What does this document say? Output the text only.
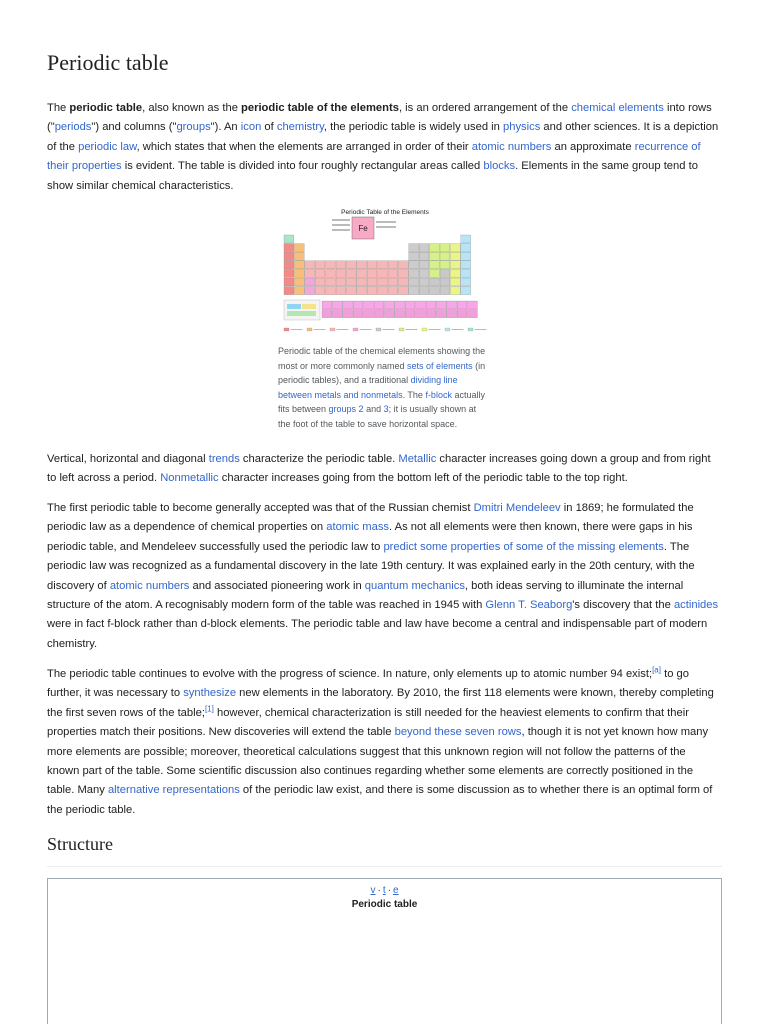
Periodic table

The periodic table, also known as the periodic table of the elements, is an ordered arrangement of the chemical elements into rows ("periods") and columns ("groups"). An icon of chemistry, the periodic table is widely used in physics and other sciences. It is a depiction of the periodic law, which states that when the elements are arranged in order of their atomic numbers an approximate recurrence of their properties is evident. The table is divided into four roughly rectangular areas called blocks. Elements in the same group tend to show similar chemical characteristics.

Periodic Table of the Elements
Fe

Periodic table of the chemical elements showing the most or more commonly named sets of elements (in periodic tables), and a traditional dividing line between metals and nonmetals. The f-block actually fits between groups 2 and 3; it is usually shown at the foot of the table to save horizontal space.

Vertical, horizontal and diagonal trends characterize the periodic table. Metallic character increases going down a group and from right to left across a period. Nonmetallic character increases going from the bottom left of the periodic table to the top right.

The first periodic table to become generally accepted was that of the Russian chemist Dmitri Mendeleev in 1869; he formulated the periodic law as a dependence of chemical properties on atomic mass. As not all elements were then known, there were gaps in his periodic table, and Mendeleev successfully used the periodic law to predict some properties of some of the missing elements. The periodic law was recognized as a fundamental discovery in the late 19th century. It was explained early in the 20th century, with the discovery of atomic numbers and associated pioneering work in quantum mechanics, both ideas serving to illuminate the internal structure of the atom. A recognisably modern form of the table was reached in 1945 with Glenn T. Seaborg's discovery that the actinides were in fact f-block rather than d-block elements. The periodic table and law have become a central and indispensable part of modern chemistry.

The periodic table continues to evolve with the progress of science. In nature, only elements up to atomic number 94 exist;[a] to go further, it was necessary to synthesize new elements in the laboratory. By 2010, the first 118 elements were known, thereby completing the first seven rows of the table;[1] however, chemical characterization is still needed for the heaviest elements to confirm that their properties match their positions. New discoveries will extend the table beyond these seven rows, though it is not yet known how many more elements are possible; moreover, theoretical calculations suggest that this unknown region will not follow the patterns of the known part of the table. Some scientific discussion also continues regarding whether some elements are correctly positioned in the table. Many alternative representations of the periodic law exist, and there is some discussion as to whether there is an optimal form of the periodic table.

Structure
v · t · e
Periodic table
